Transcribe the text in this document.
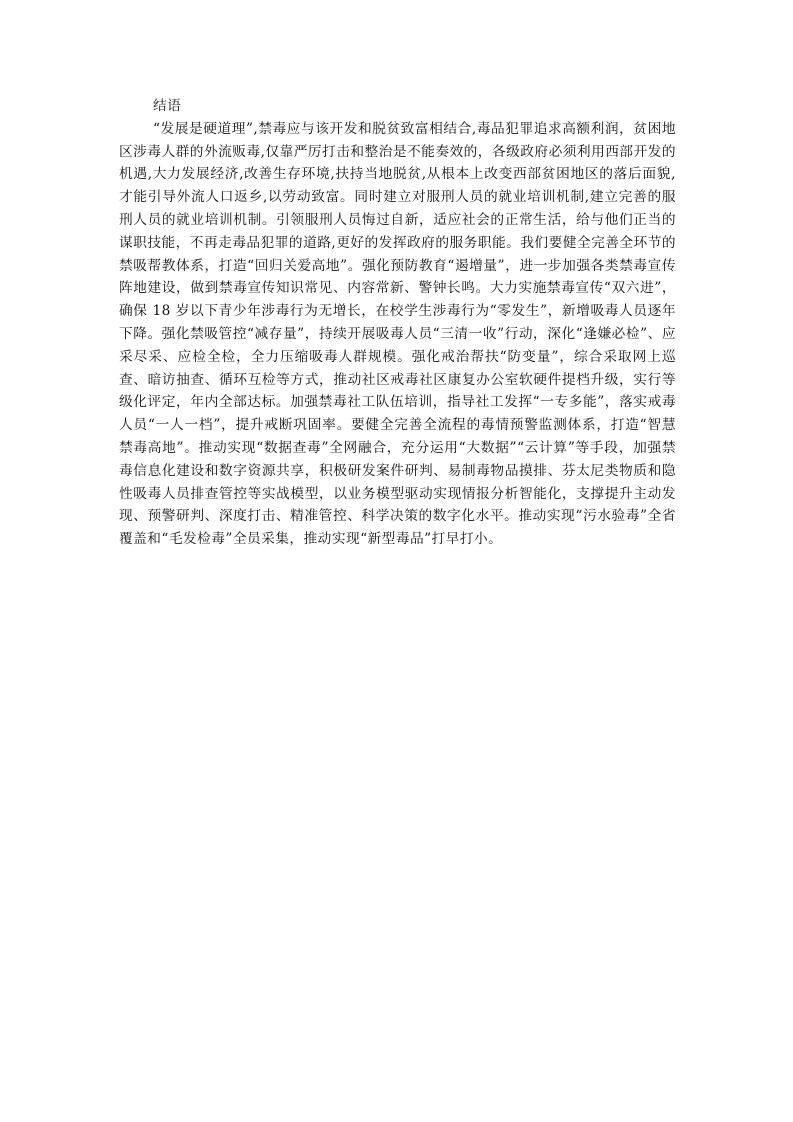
结语

“发展是硬道理”,禁毒应与该开发和脱贫致富相结合,毒品犯罪追求高额利润，贫困地区涉毒人群的外流贩毒,仅靠严厉打击和整治是不能奏效的，各级政府必须利用西部开发的机遇,大力发展经济,改善生存环境,扶持当地脱贫,从根本上改变西部贫困地区的落后面貌,才能引导外流人口返乡,以劳动致富。同时建立对服刑人员的就业培训机制,建立完善的服刑人员的就业培训机制。引领服刑人员悔过自新，适应社会的正常生活，给与他们正当的谋职技能，不再走毒品犯罪的道路,更好的发挥政府的服务职能。我们要健全完善全环节的禁吸帮教体系，打造“回归关爱高地”。强化预防教育“遏增量”，进一步加强各类禁毒宣传阵地建设，做到禁毒宣传知识常见、内容常新、警钟长鸣。大力实施禁毒宣传“双六进”，确保 18 岁以下青少年涉毒行为无增长，在校学生涉毒行为“零发生”，新增吸毒人员逐年下降。强化禁吸管控“减存量”，持续开展吸毒人员“三清一收”行动，深化“逢嫌必检”、应采尽采、应检全检，全力压缩吸毒人群规模。强化戒治帮扶“防变量”，综合采取网上巡查、暗访抽查、循环互检等方式，推动社区戒毒社区康复办公室软硬件提档升级，实行等级化评定，年内全部达标。加强禁毒社工队伍培训，指导社工发挥“一专多能”，落实戒毒人员“一人一档”，提升戒断巩固率。要健全完善全流程的毒情预警监测体系，打造“智慧禁毒高地”。推动实现“数据查毒”全网融合，充分运用“大数据”“云计算”等手段，加强禁毒信息化建设和数字资源共享，积极研发案件研判、易制毒物品摸排、芬太尼类物质和隐性吸毒人员排查管控等实战模型，以业务模型驱动实现情报分析智能化，支撑提升主动发现、预警研判、深度打击、精准管控、科学决策的数字化水平。推动实现“污水验毒”全省覆盖和“毛发检毒”全员采集，推动实现“新型毒品”打早打小。
